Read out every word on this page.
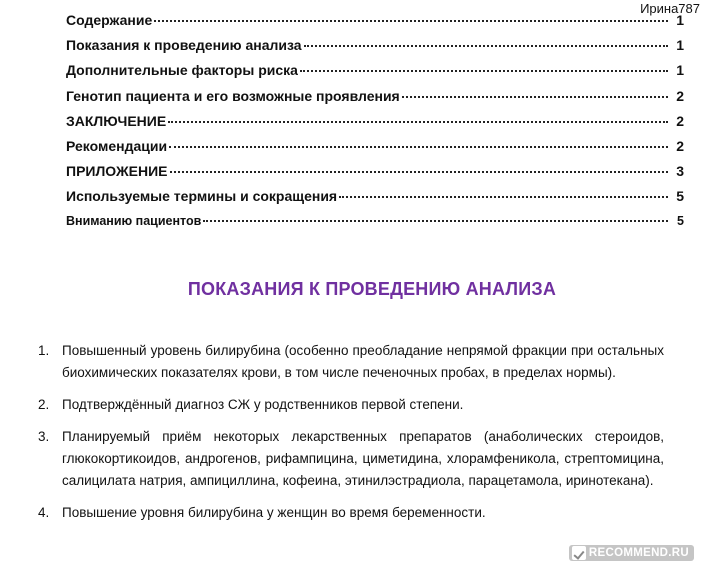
Ирина787
Содержание	1
Показания к проведению анализа	1
Дополнительные факторы риска	1
Генотип пациента и его возможные проявления	2
ЗАКЛЮЧЕНИЕ	2
Рекомендации	2
ПРИЛОЖЕНИЕ	3
Используемые термины и сокращения	5
Вниманию пациентов	5
ПОКАЗАНИЯ К ПРОВЕДЕНИЮ АНАЛИЗА
1. Повышенный уровень билирубина (особенно преобладание непрямой фракции при остальных биохимических показателях крови, в том числе печеночных пробах, в пределах нормы).
2. Подтверждённый диагноз СЖ у родственников первой степени.
3. Планируемый приём некоторых лекарственных препаратов (анаболических стероидов, глюкокортикоидов, андрогенов, рифампицина, циметидина, хлорамфеникола, стрептомицина, салицилата натрия, ампициллина, кофеина, этинилэстрадиола, парацетамола, иринотекана).
4. Повышение уровня билирубина у женщин во время беременности.
RECOMMEND.RU
